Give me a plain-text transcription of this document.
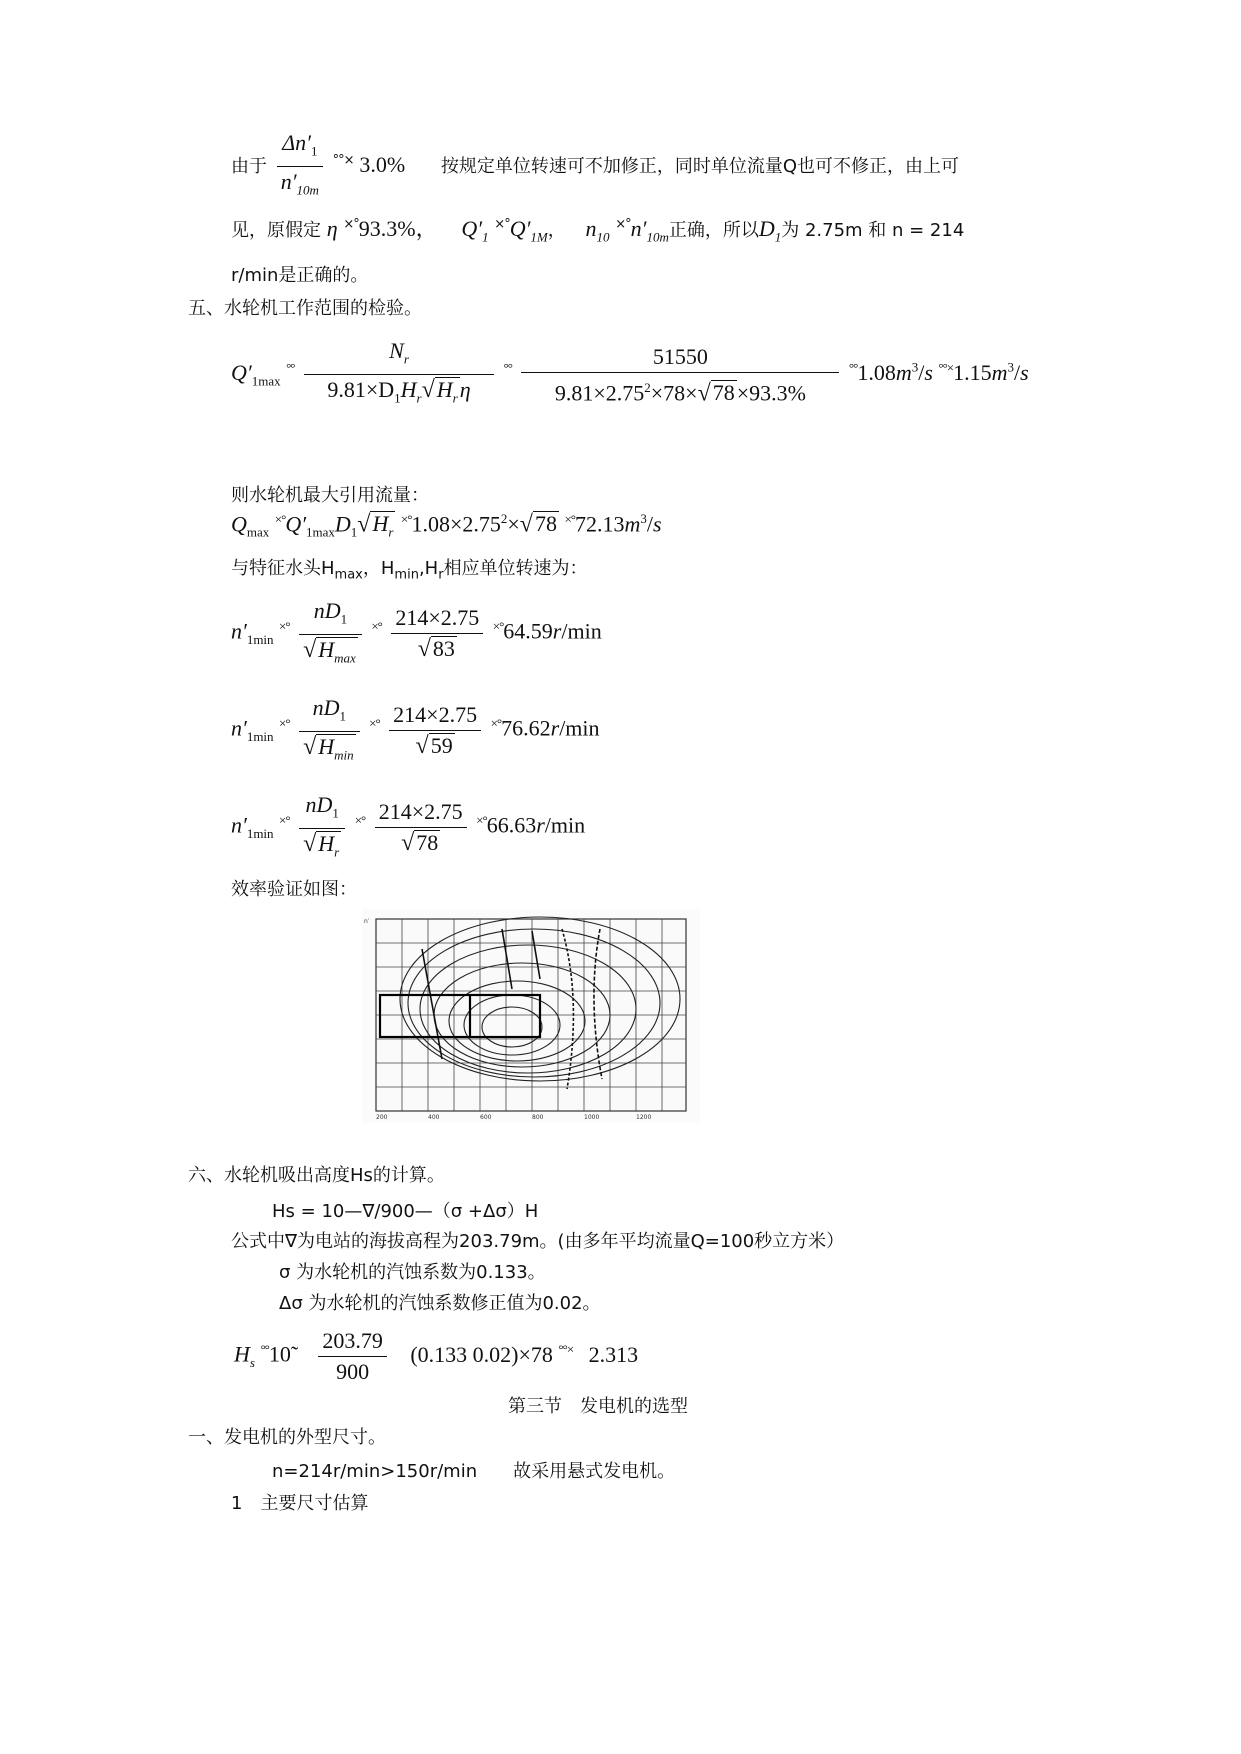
由于 $\frac{\Delta n'_1}{n'_{10m}} ^{^\circ^\circ\times}$ 3.0% 按规定单位转速可不加修正，同时单位流量Q也可不修正，由上可
见，原假定 η ×°93.3%， $Q'_1$ $^{\times^\circ}Q'_{1M}$， $n_{10}$ $^{\times^\circ}n'_{10m}$正确，所以$D_1$为 2.75m 和 n = 214
r/min是正确的。
五、水轮机工作范围的检验。
$Q'_{1max}$ $^{^\circ^\circ} \frac{N_r}{9.81\times D_1H_r√H_r\eta} ^{^\circ^\circ} \frac{51550}{9.81\times 2.75^2\times 78\times√78\times 93.3\%} ^{^\circ^\circ}1.08m^3/s$ $^{^\circ^\circ\times}1.15m^3/s$
则水轮机最大引用流量：
$Q_{max}$ $^{\times^\circ}Q'_{1max}D_1√H_r$ $^{\times^\circ}1.08\times 2.75^2\times√78$ $^{\times^\circ}72.13m^3/s$
与特征水头$H_{max}$，$H_{min},H_r$相应单位转速为：
$n'_{1min}$ $^{\times^\circ} \frac{nD_1}{√H_{max}} ^{\times^\circ} \frac{214\times 2.75}{√83} ^{\times^\circ}64.59r/\min$
$n'_{1min}$ $^{\times^\circ} \frac{nD_1}{√H_{min}} ^{\times^\circ} \frac{214\times 2.75}{√59} ^{\times^\circ}76.62r/\min$
$n'_{1min}$ $^{\times^\circ} \frac{nD_1}{√H_r} ^{\times^\circ} \frac{214\times 2.75}{√78} ^{\times^\circ}66.63r/\min$
效率验证如图：
200	400	600	800	1000	1200
n′
六、水轮机吸出高度Hs的计算。
Hs = 10—∇/900—（σ +Δσ）H
公式中∇为电站的海拔高程为203.79m。(由多年平均流量Q=100秒立方米）
σ 为水轮机的汽蚀系数为0.133。
Δσ 为水轮机的汽蚀系数修正值为0.02。
$H_s$ °°10̃ $\frac{203.79}{900} (0.133$ 0.02)×78 °°× 2.313
第三节　发电机的选型
一、发电机的外型尺寸。
n=214r/min>150r/min　　故采用悬式发电机。
1　主要尺寸估算
